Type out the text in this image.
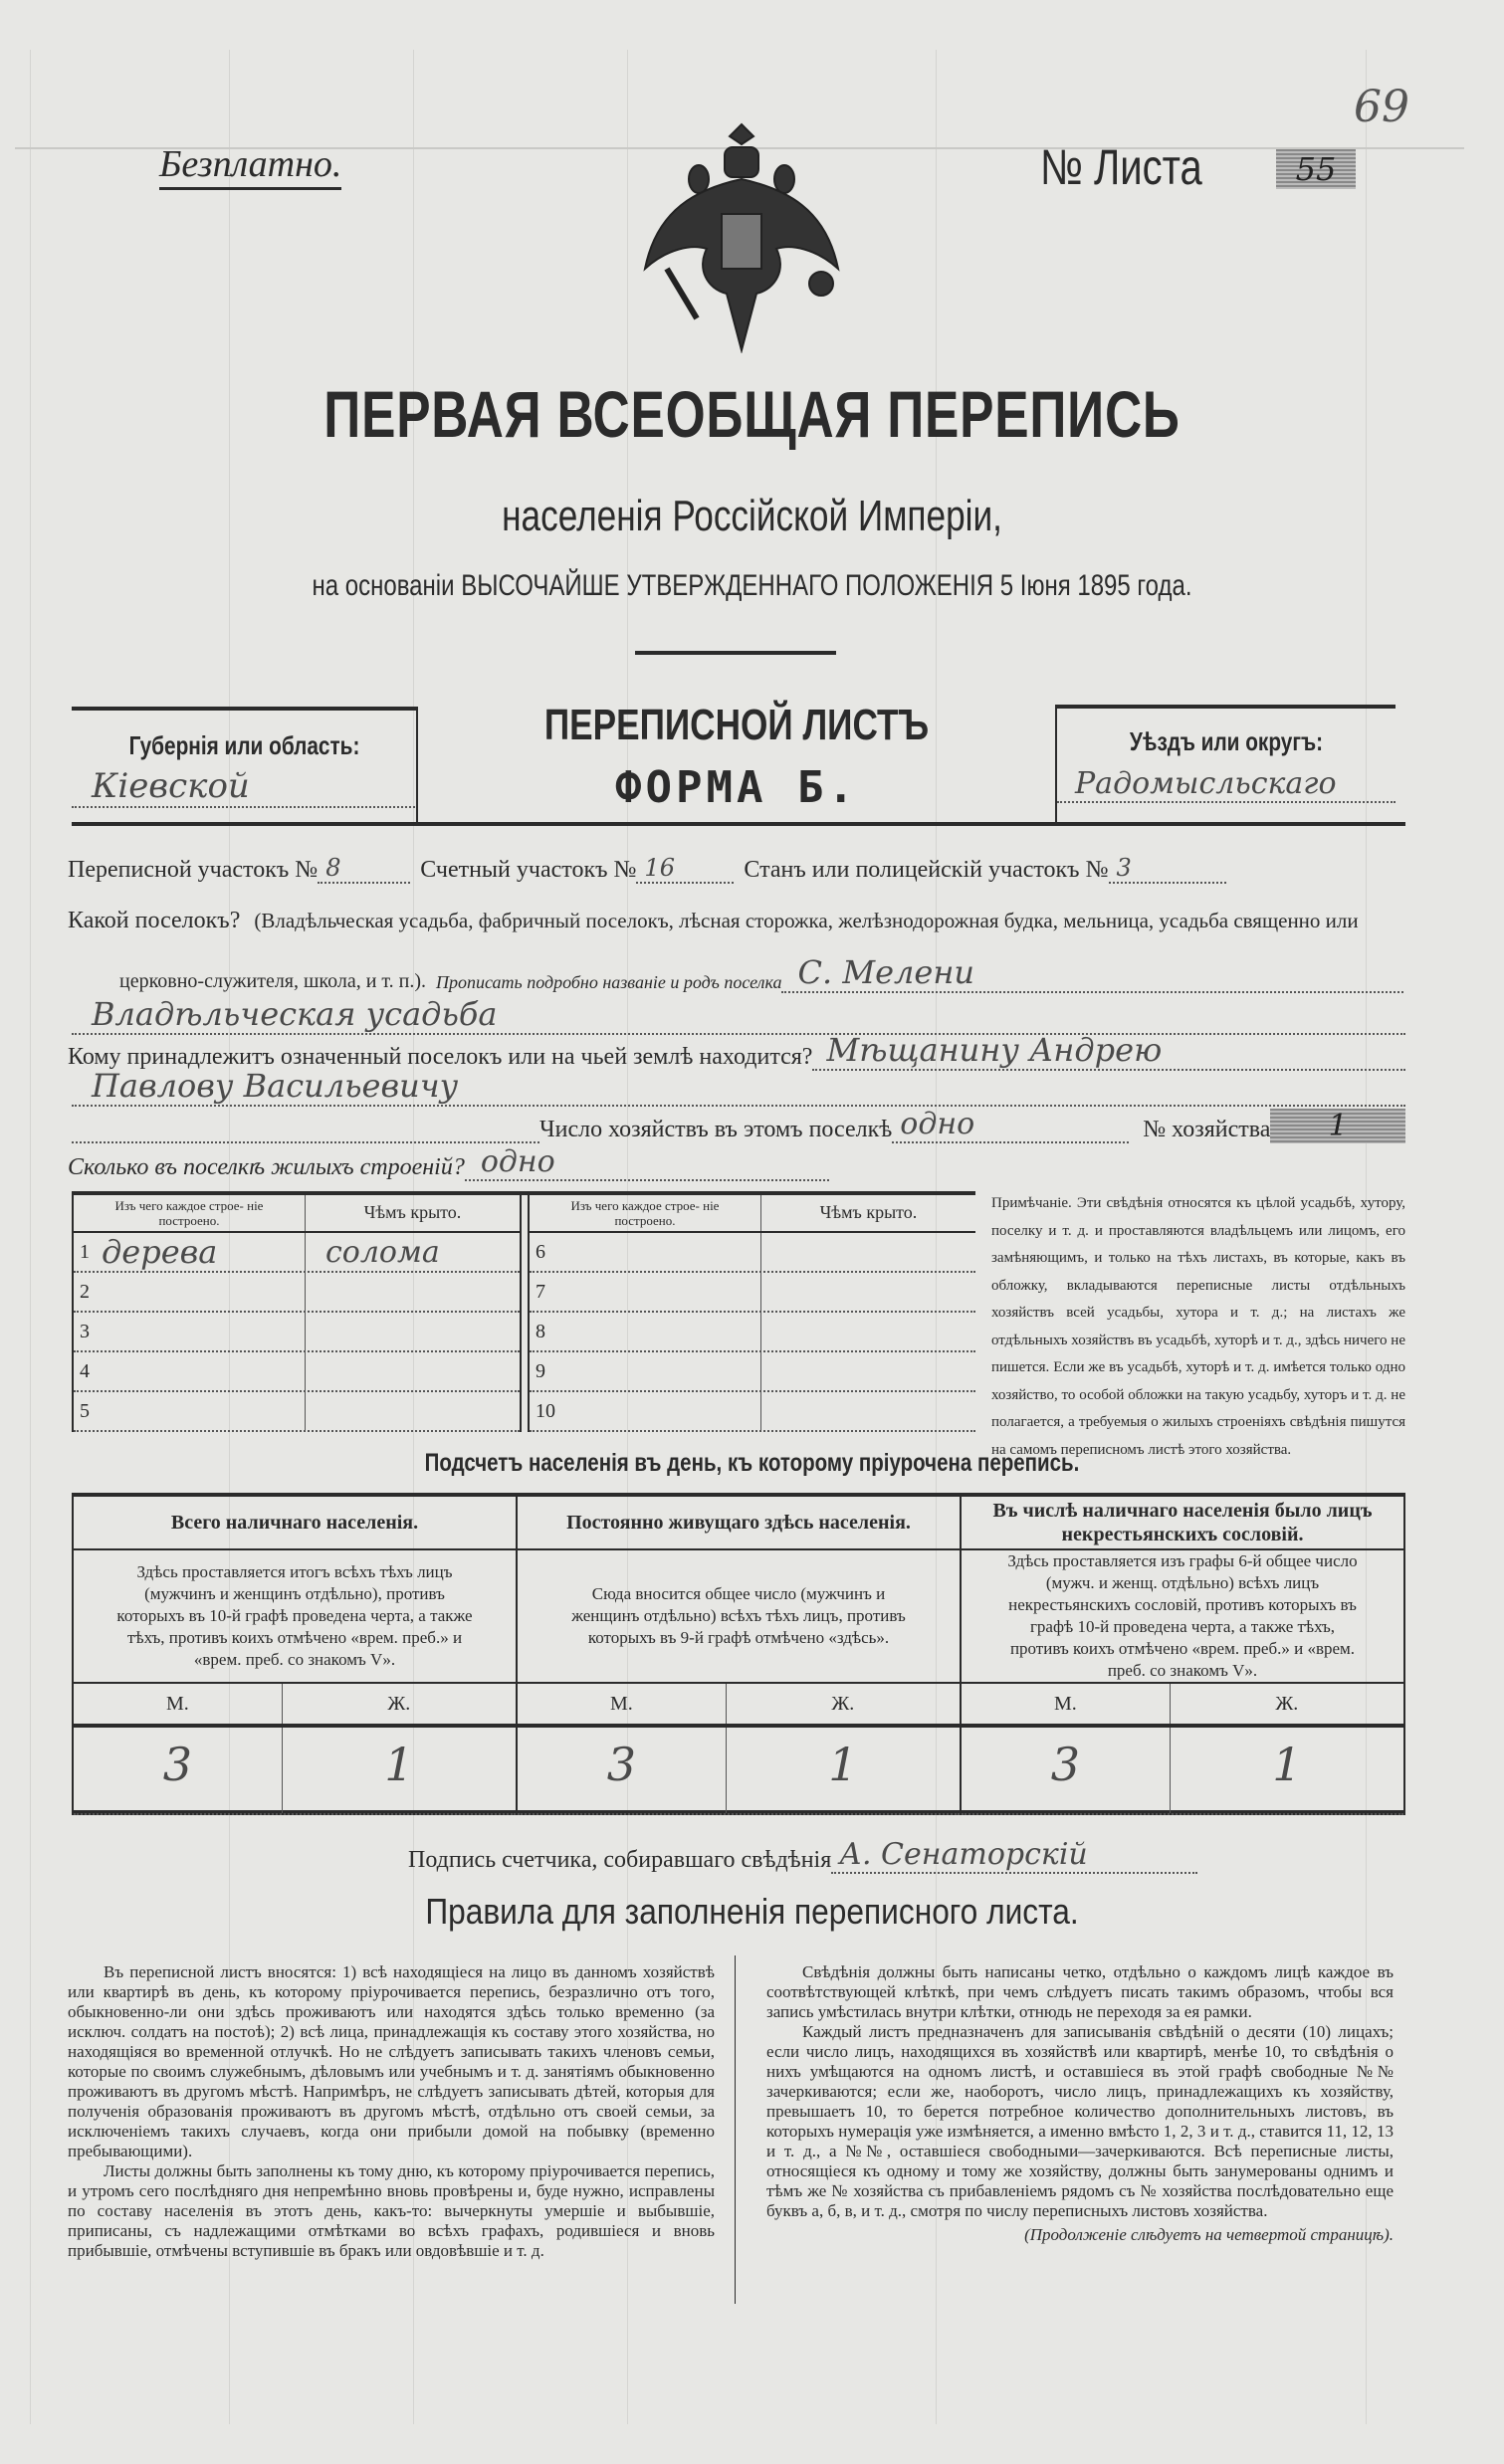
69
Безплатно.	№ Листа	55
ПЕРВАЯ ВСЕОБЩАЯ ПЕРЕПИСЬ
населенія Россійской Имперіи,
на основаніи ВЫСОЧАЙШЕ УТВЕРЖДЕННАГО ПОЛОЖЕНІЯ 5 Іюня 1895 года.
Губернія или область:
Кіевской
ПЕРЕПИСНОЙ ЛИСТЪ
ФОРМА Б.
Уѣздъ или округъ:
Радомысльскаго
Переписной участокъ № 8	Счетный участокъ № 16	Станъ или полицейскій участокъ № 3
Какой поселокъ? (Владѣльческая усадьба, фабричный поселокъ, лѣсная сторожка, желѣзнодорожная будка, мельница, усадьба священно или
церковно-служителя, школа, и т. п.). Прописать подробно названіе и родъ поселка С. Мелени
Владѣльческая усадьба
Кому принадлежитъ означенный поселокъ или на чьей землѣ находится? Мѣщанину Андрею
Павлову Васильевичу
Число хозяйствъ въ этомъ поселкѣ одно	№ хозяйства	1
Сколько въ поселкѣ жилыхъ строеній? одно
Изъ чего каждое строе- ніе построено.	Чѣмъ крыто.
1 дерева	солома
2
3
4
5
Изъ чего каждое строе- ніе построено.	Чѣмъ крыто.
6
7
8
9
10
Примѣчаніе. Эти свѣдѣнія относятся къ цѣлой усадьбѣ, хутору, поселку и т. д. и проставляются владѣльцемъ или лицомъ, его замѣняющимъ, и только на тѣхъ листахъ, въ которые, какъ въ обложку, вкладываются переписные листы отдѣльныхъ хозяйствъ всей усадьбы, хутора и т. д.; на листахъ же отдѣльныхъ хозяйствъ въ усадьбѣ, хуторѣ и т. д., здѣсь ничего не пишется. Если же въ усадьбѣ, хуторѣ и т. д. имѣется только одно хозяйство, то особой обложки на такую усадьбу, хуторъ и т. д. не полагается, а требуемыя о жилыхъ строеніяхъ свѣдѣнія пишутся на самомъ переписномъ листѣ этого хозяйства.
Подсчетъ населенія въ день, къ которому пріурочена перепись.
Всего наличнаго населенія.
Здѣсь проставляется итогъ всѣхъ тѣхъ лицъ (мужчинъ и женщинъ отдѣльно), противъ которыхъ въ 10-й графѣ проведена черта, а также тѣхъ, противъ коихъ отмѣчено «врем. преб.» и «врем. преб. со знакомъ V».
М.	Ж.
3	1
Постоянно живущаго здѣсь населенія.
Сюда вносится общее число (мужчинъ и женщинъ отдѣльно) всѣхъ тѣхъ лицъ, противъ которыхъ въ 9-й графѣ отмѣчено «здѣсь».
М.	Ж.
3	1
Въ числѣ наличнаго населенія было лицъ некрестьянскихъ сословій.
Здѣсь проставляется изъ графы 6-й общее число (мужч. и женщ. отдѣльно) всѣхъ лицъ некрестьянскихъ сословій, противъ которыхъ въ графѣ 10-й проведена черта, а также тѣхъ, противъ коихъ отмѣчено «врем. преб.» и «врем. преб. со знакомъ V».
М.	Ж.
3	1
Подпись счетчика, собиравшаго свѣдѣнія А. Сенаторскій
Правила для заполненія переписного листа.

Въ переписной листъ вносятся: 1) всѣ находящіеся на лицо въ данномъ хозяйствѣ или квартирѣ въ день, къ которому пріурочивается перепись, безразлично отъ того, обыкновенно-ли они здѣсь проживаютъ или находятся здѣсь только временно (за исключ. солдатъ на постоѣ); 2) всѣ лица, принадлежащія къ составу этого хозяйства, но находящіяся во временной отлучкѣ. Но не слѣдуетъ записывать такихъ членовъ семьи, которые по своимъ служебнымъ, дѣловымъ или учебнымъ и т. д. занятіямъ обыкновенно проживаютъ въ другомъ мѣстѣ. Напримѣръ, не слѣдуетъ записывать дѣтей, которыя для полученія образованія проживаютъ въ другомъ мѣстѣ, отдѣльно отъ своей семьи, за исключеніемъ такихъ случаевъ, когда они прибыли домой на побывку (временно пребывающими).

Листы должны быть заполнены къ тому дню, къ которому пріурочивается перепись, и утромъ сего послѣдняго дня непремѣнно вновь провѣрены и, буде нужно, исправлены по составу населенія въ этотъ день, какъ-то: вычеркнуты умершіе и выбывшіе, приписаны, съ надлежащими отмѣтками во всѣхъ графахъ, родившіеся и вновь прибывшіе, отмѣчены вступившіе въ бракъ или овдовѣвшіе и т. д.

Свѣдѣнія должны быть написаны четко, отдѣльно о каждомъ лицѣ каждое въ соотвѣтствующей клѣткѣ, при чемъ слѣдуетъ писать такимъ образомъ, чтобы вся запись умѣстилась внутри клѣтки, отнюдь не переходя за ея рамки.

Каждый листъ предназначенъ для записыванія свѣдѣній о десяти (10) лицахъ; если число лицъ, находящихся въ хозяйствѣ или квартирѣ, менѣе 10, то свѣдѣнія о нихъ умѣщаются на одномъ листѣ, и оставшіеся въ этой графѣ свободные №№ зачеркиваются; если же, наоборотъ, число лицъ, принадлежащихъ къ хозяйству, превышаетъ 10, то берется потребное количество дополнительныхъ листовъ, въ которыхъ нумерація уже измѣняется, а именно вмѣсто 1, 2, 3 и т. д., ставится 11, 12, 13 и т. д., а №№, оставшіеся свободными—зачеркиваются. Всѣ переписные листы, относящіеся къ одному и тому же хозяйству, должны быть занумерованы однимъ и тѣмъ же № хозяйства съ прибавленіемъ рядомъ съ № хозяйства послѣдовательно еще буквъ а, б, в, и т. д., смотря по числу переписныхъ листовъ хозяйства.

(Продолженіе слѣдуетъ на четвертой страницѣ).
